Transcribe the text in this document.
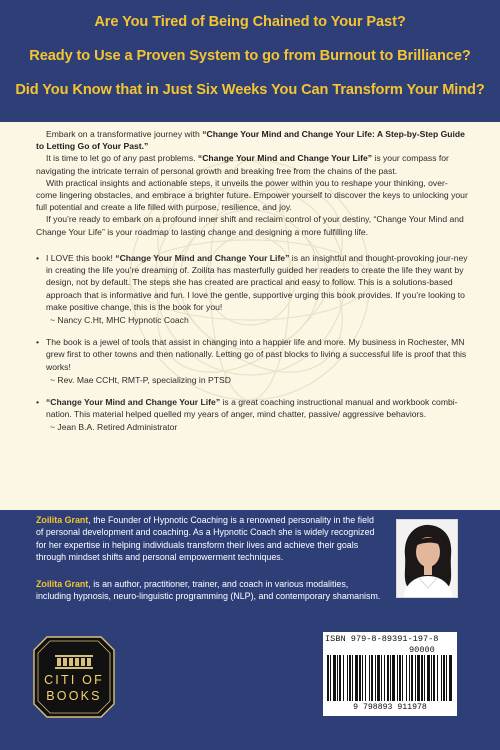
Are You Tired of Being Chained to Your Past?
Ready to Use a Proven System to go from Burnout to Brilliance?
Did You Know that in Just Six Weeks You Can Transform Your Mind?

Embark on a transformative journey with “Change Your Mind and Change Your Life: A Step-by-Step Guide to Letting Go of Your Past.”

It is time to let go of any past problems. “Change Your Mind and Change Your Life” is your compass for navigating the intricate terrain of personal growth and breaking free from the chains of the past.

With practical insights and actionable steps, it unveils the power within you to reshape your thinking, over-come lingering obstacles, and embrace a brighter future. Empower yourself to discover the keys to unlocking your full potential and create a life filled with purpose, resilience, and joy.

If you’re ready to embark on a profound inner shift and reclaim control of your destiny, “Change Your Mind and Change Your Life” is your roadmap to lasting change and designing a more fulfilling life.

• I LOVE this book! “Change Your Mind and Change Your Life” is an insightful and thought-provoking jour-ney in creating the life you’re dreaming of. Zoilita has masterfully guided her readers to create the life they want by design, not by default. The steps she has created are practical and easy to follow. This is a solutions-based approach that is informative and fun. I love the gentle, supportive urging this book provides. If you’re looking to make positive change, this is the book for you!
~ Nancy C.Ht, MHC Hypnotic Coach
• The book is a jewel of tools that assist in changing into a happier life and more. My business in Rochester, MN grew first to other towns and then nationally. Letting go of past blocks to living a successful life is proof that this works!
~ Rev. Mae CCHt, RMT-P, specializing in PTSD
• “Change Your Mind and Change Your Life” is a great coaching instructional manual and workbook combi-nation. This material helped quelled my years of anger, mind chatter, passive/ aggressive behaviors.
~ Jean B.A. Retired Administrator
Zoilita Grant, the Founder of Hypnotic Coaching is a renowned personality in the field of personal development and coaching. As a Hypnotic Coach she is widely recognized for her expertise in helping individuals transform their lives and achieve their goals through mindset shifts and personal empowerment techniques.
Zoilita Grant, is an author, practitioner, trainer, and coach in various modalities, including hypnosis, neuro-linguistic programming (NLP), and contemporary shamanism.
CITI OF
BOOKS
ISBN 979-8-89391-197-8
90000
9 798893 911978
